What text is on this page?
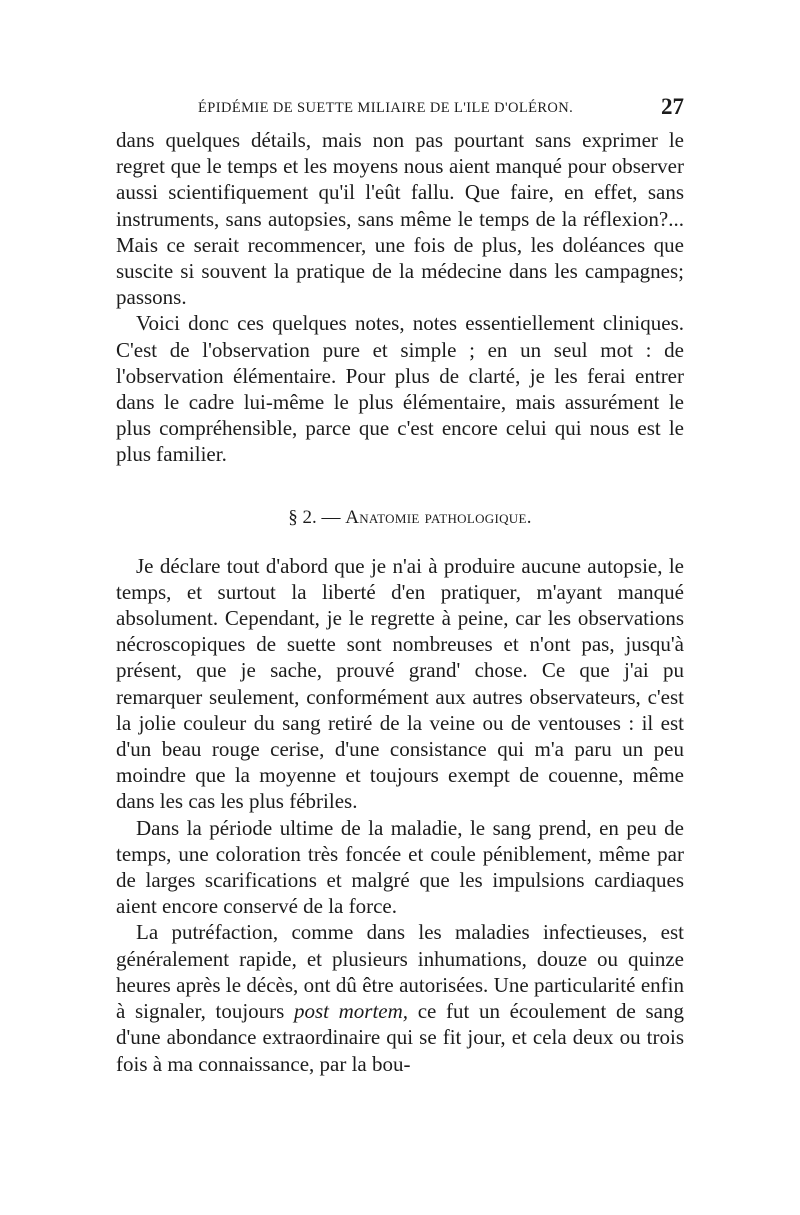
ÉPIDÉMIE DE SUETTE MILIAIRE DE L'ILE D'OLÉRON.	27

dans quelques détails, mais non pas pourtant sans exprimer le regret que le temps et les moyens nous aient manqué pour observer aussi scientifiquement qu'il l'eût fallu. Que faire, en effet, sans instruments, sans autopsies, sans même le temps de la réflexion?... Mais ce serait recommencer, une fois de plus, les doléances que suscite si souvent la pratique de la médecine dans les campagnes; passons.

Voici donc ces quelques notes, notes essentiellement cliniques. C'est de l'observation pure et simple ; en un seul mot : de l'observation élémentaire. Pour plus de clarté, je les ferai entrer dans le cadre lui-même le plus élémentaire, mais assurément le plus compréhensible, parce que c'est encore celui qui nous est le plus familier.

§ 2. — Anatomie pathologique.

Je déclare tout d'abord que je n'ai à produire aucune autopsie, le temps, et surtout la liberté d'en pratiquer, m'ayant manqué absolument. Cependant, je le regrette à peine, car les observations nécroscopiques de suette sont nombreuses et n'ont pas, jusqu'à présent, que je sache, prouvé grand' chose. Ce que j'ai pu remarquer seulement, conformément aux autres observateurs, c'est la jolie couleur du sang retiré de la veine ou de ventouses : il est d'un beau rouge cerise, d'une consistance qui m'a paru un peu moindre que la moyenne et toujours exempt de couenne, même dans les cas les plus fébriles.

Dans la période ultime de la maladie, le sang prend, en peu de temps, une coloration très foncée et coule péniblement, même par de larges scarifications et malgré que les impulsions cardiaques aient encore conservé de la force.

La putréfaction, comme dans les maladies infectieuses, est généralement rapide, et plusieurs inhumations, douze ou quinze heures après le décès, ont dû être autorisées. Une particularité enfin à signaler, toujours post mortem, ce fut un écoulement de sang d'une abondance extraordinaire qui se fit jour, et cela deux ou trois fois à ma connaissance, par la bou-
